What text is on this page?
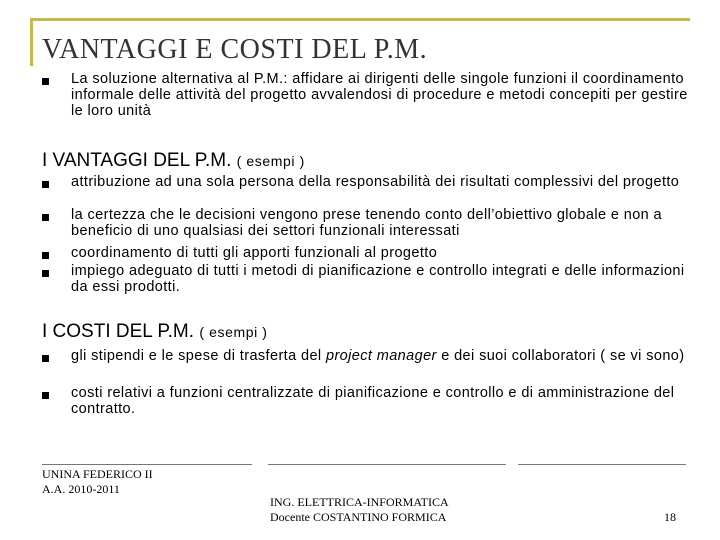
VANTAGGI E COSTI DEL P.M.
La soluzione alternativa al P.M.: affidare ai dirigenti delle singole funzioni il coordinamento informale delle attività del progetto avvalendosi di procedure e metodi concepiti per gestire le loro unità
I VANTAGGI DEL P.M. ( esempi )
attribuzione ad una sola persona della responsabilità dei risultati complessivi del progetto
la certezza che le decisioni vengono prese tenendo conto dell’obiettivo globale e non a beneficio di uno qualsiasi dei settori funzionali interessati
coordinamento di tutti gli apporti funzionali al progetto
impiego adeguato di tutti i metodi di pianificazione e controllo integrati e delle informazioni da essi prodotti.
I COSTI DEL P.M. ( esempi )
gli stipendi e le spese di trasferta del project manager e dei suoi collaboratori ( se vi sono)
costi relativi a funzioni centralizzate di pianificazione e controllo e di amministrazione del contratto.
UNINA FEDERICO II
A.A. 2010-2011
ING. ELETTRICA-INFORMATICA
Docente COSTANTINO FORMICA	18
